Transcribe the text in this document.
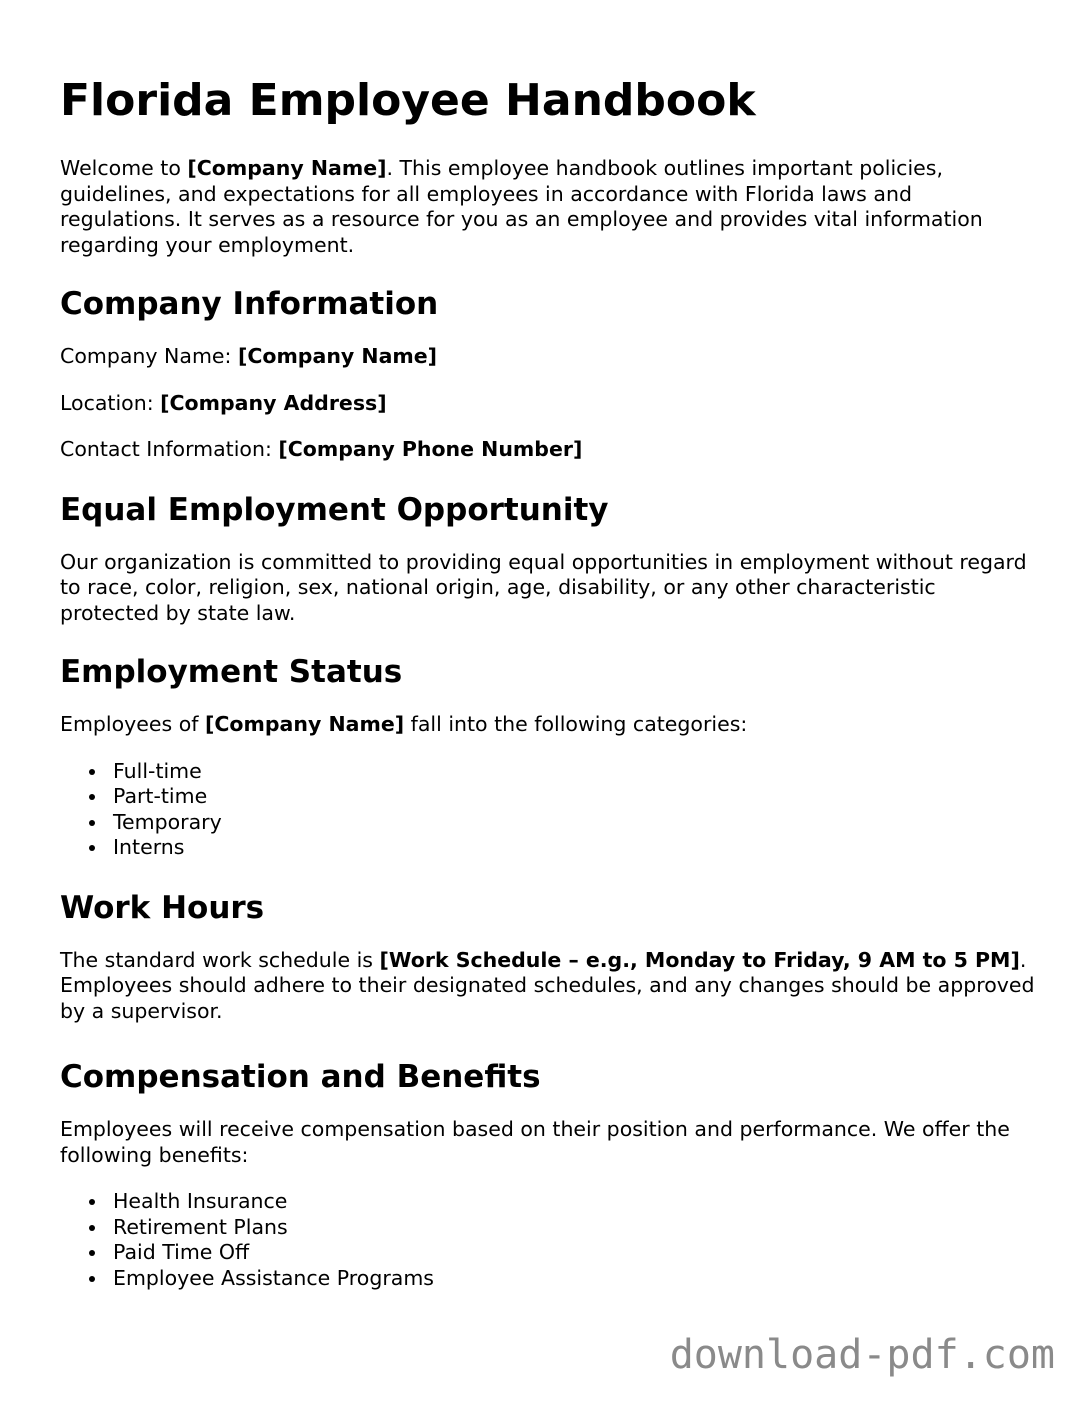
Florida Employee Handbook

Welcome to [Company Name]. This employee handbook outlines important policies, guidelines, and expectations for all employees in accordance with Florida laws and regulations. It serves as a resource for you as an employee and provides vital information regarding your employment.

Company Information

Company Name: [Company Name]

Location: [Company Address]

Contact Information: [Company Phone Number]

Equal Employment Opportunity

Our organization is committed to providing equal opportunities in employment without regard to race, color, religion, sex, national origin, age, disability, or any other characteristic protected by state law.

Employment Status

Employees of [Company Name] fall into the following categories:

Full-time
Part-time
Temporary
Interns
Work Hours

The standard work schedule is [Work Schedule – e.g., Monday to Friday, 9 AM to 5 PM]. Employees should adhere to their designated schedules, and any changes should be approved by a supervisor.

Compensation and Benefits

Employees will receive compensation based on their position and performance. We offer the following benefits:

Health Insurance
Retirement Plans
Paid Time Off
Employee Assistance Programs
download-pdf.com
